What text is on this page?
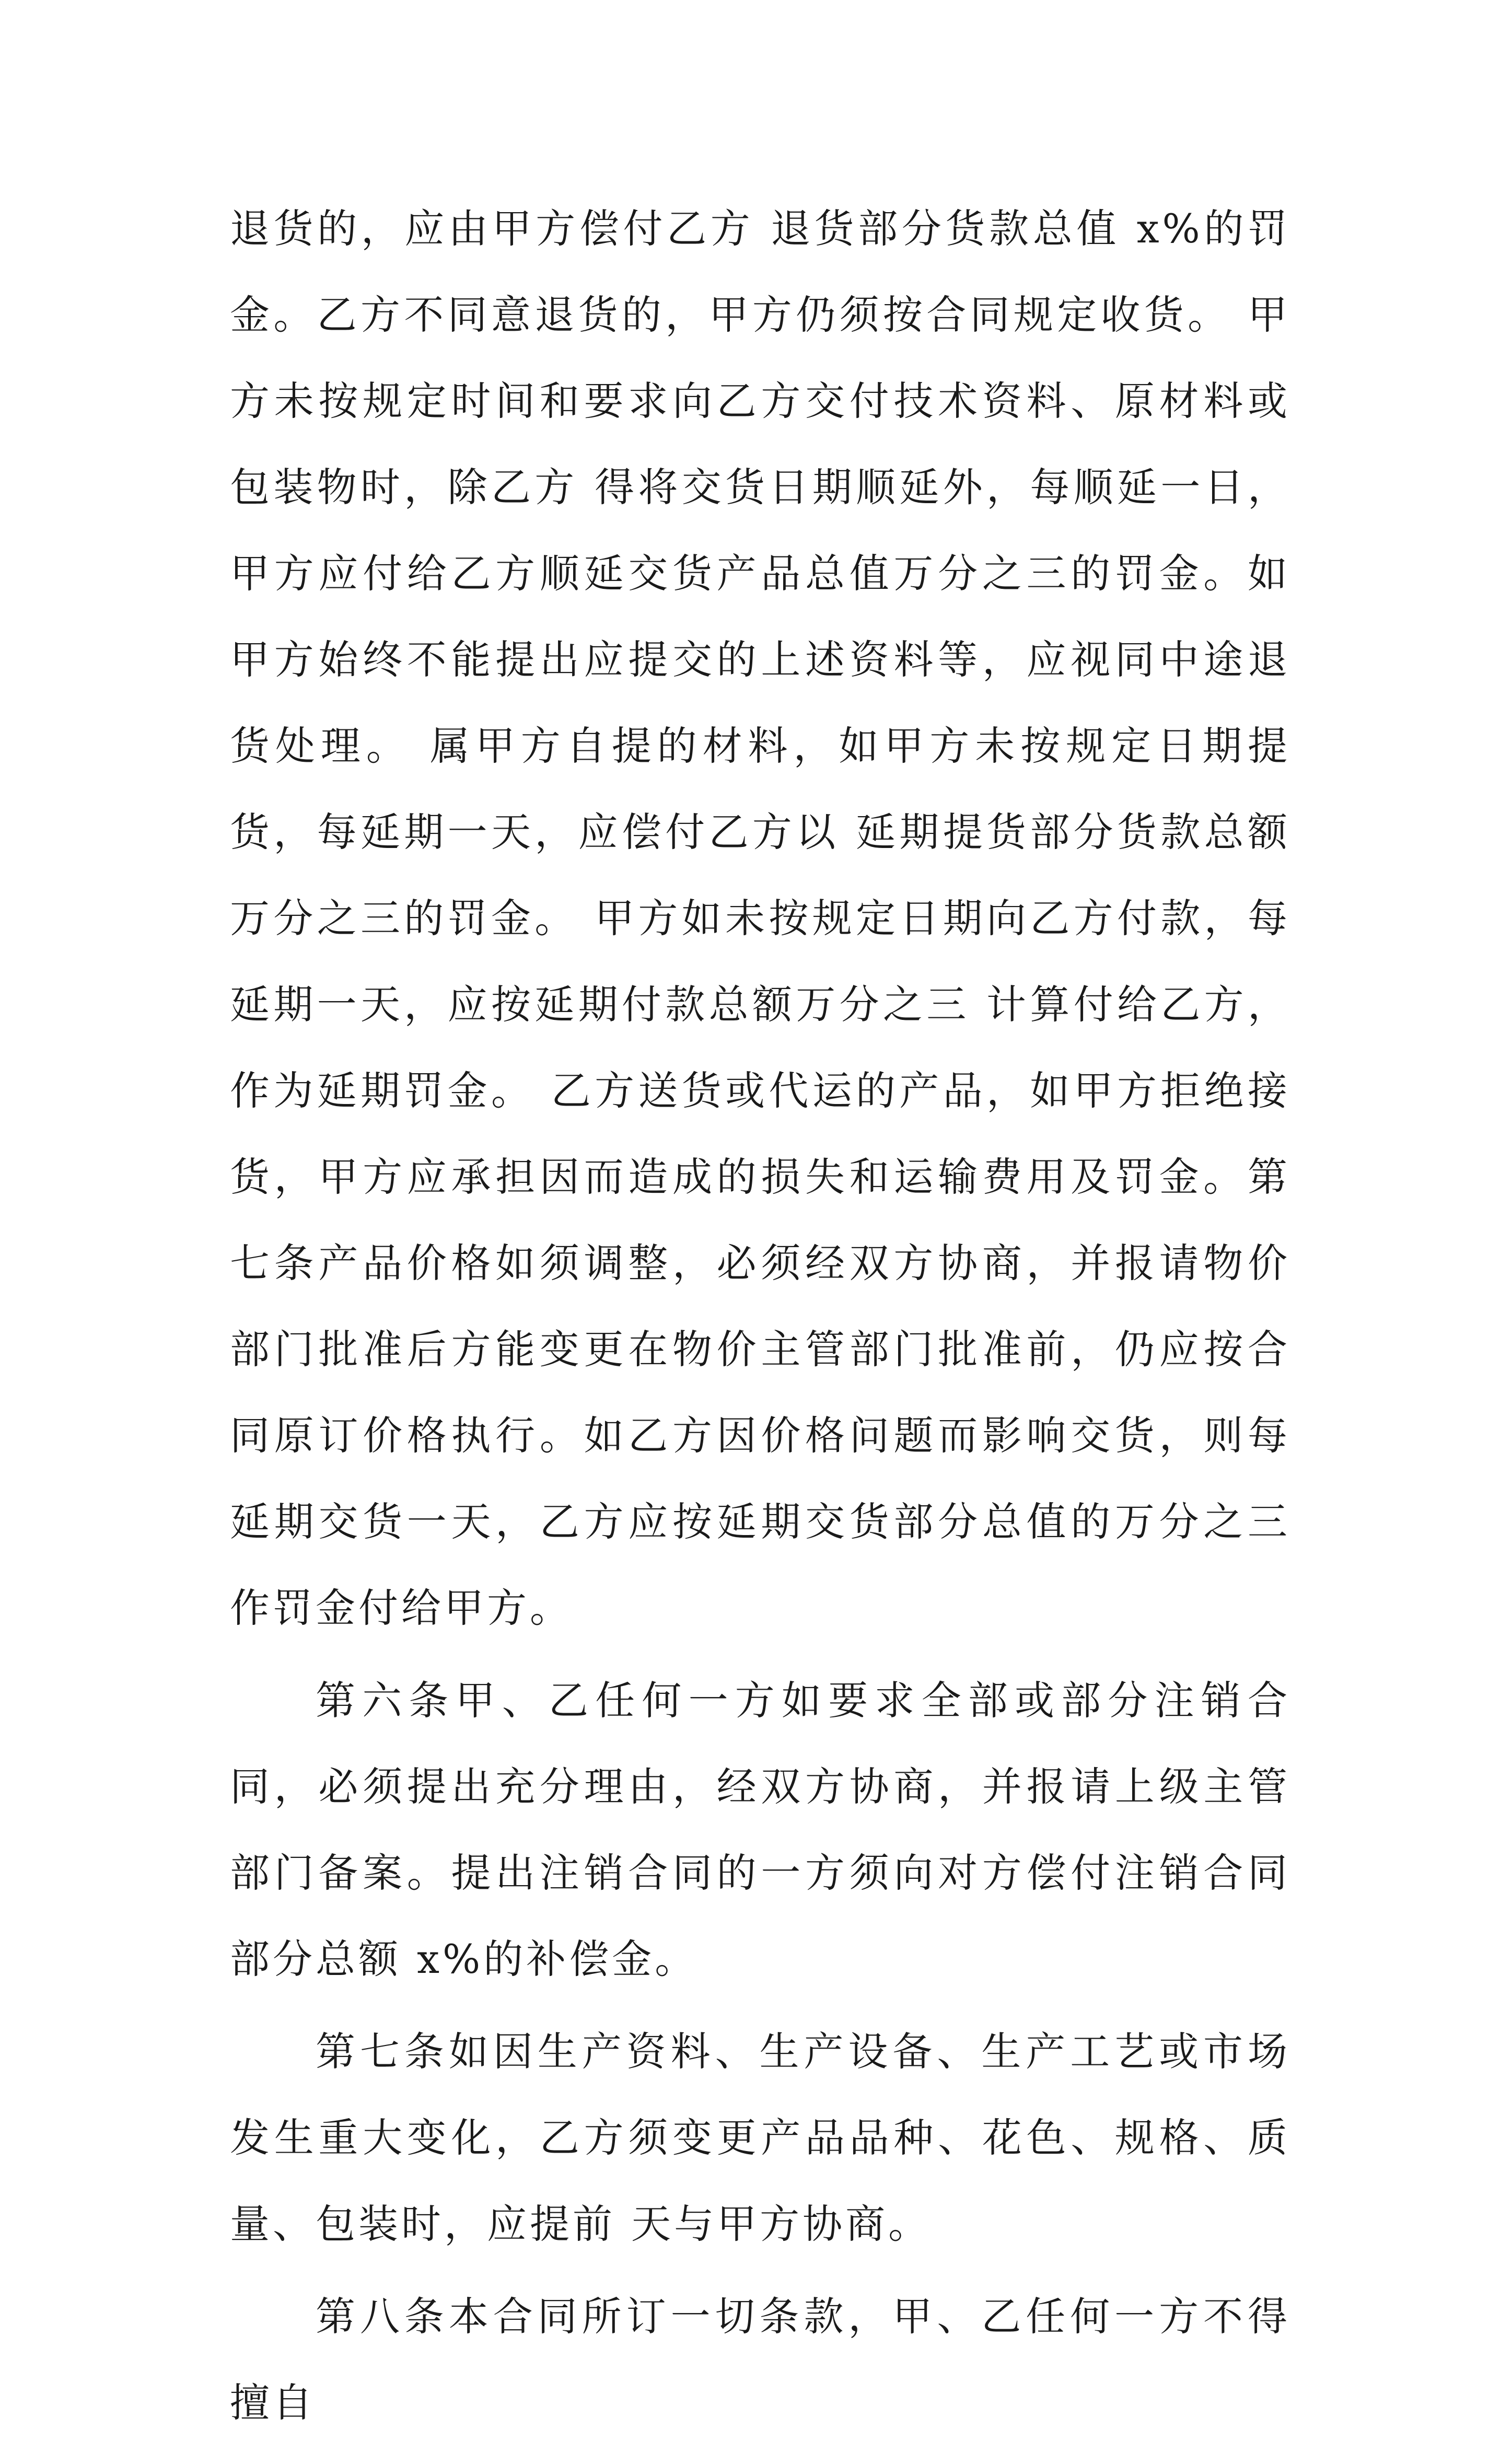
退货的，应由甲方偿付乙方 退货部分货款总值 x%的罚金。乙方不同意退货的，甲方仍须按合同规定收货。 甲方未按规定时间和要求向乙方交付技术资料、原材料或包装物时，除乙方 得将交货日期顺延外，每顺延一日，甲方应付给乙方顺延交货产品总值万分之三的罚金。如甲方始终不能提出应提交的上述资料等，应视同中途退货处理。 属甲方自提的材料，如甲方未按规定日期提货，每延期一天，应偿付乙方以 延期提货部分货款总额万分之三的罚金。 甲方如未按规定日期向乙方付款，每延期一天，应按延期付款总额万分之三 计算付给乙方，作为延期罚金。 乙方送货或代运的产品，如甲方拒绝接货，甲方应承担因而造成的损失和运输费用及罚金。第七条产品价格如须调整，必须经双方协商，并报请物价部门批准后方能变更在物价主管部门批准前，仍应按合同原订价格执行。如乙方因价格问题而影响交货，则每延期交货一天，乙方应按延期交货部分总值的万分之三作罚金付给甲方。

第六条甲、乙任何一方如要求全部或部分注销合同，必须提出充分理由，经双方协商，并报请上级主管部门备案。提出注销合同的一方须向对方偿付注销合同部分总额 x%的补偿金。

第七条如因生产资料、生产设备、生产工艺或市场发生重大变化，乙方须变更产品品种、花色、规格、质量、包装时，应提前 天与甲方协商。

第八条本合同所订一切条款，甲、乙任何一方不得擅自
